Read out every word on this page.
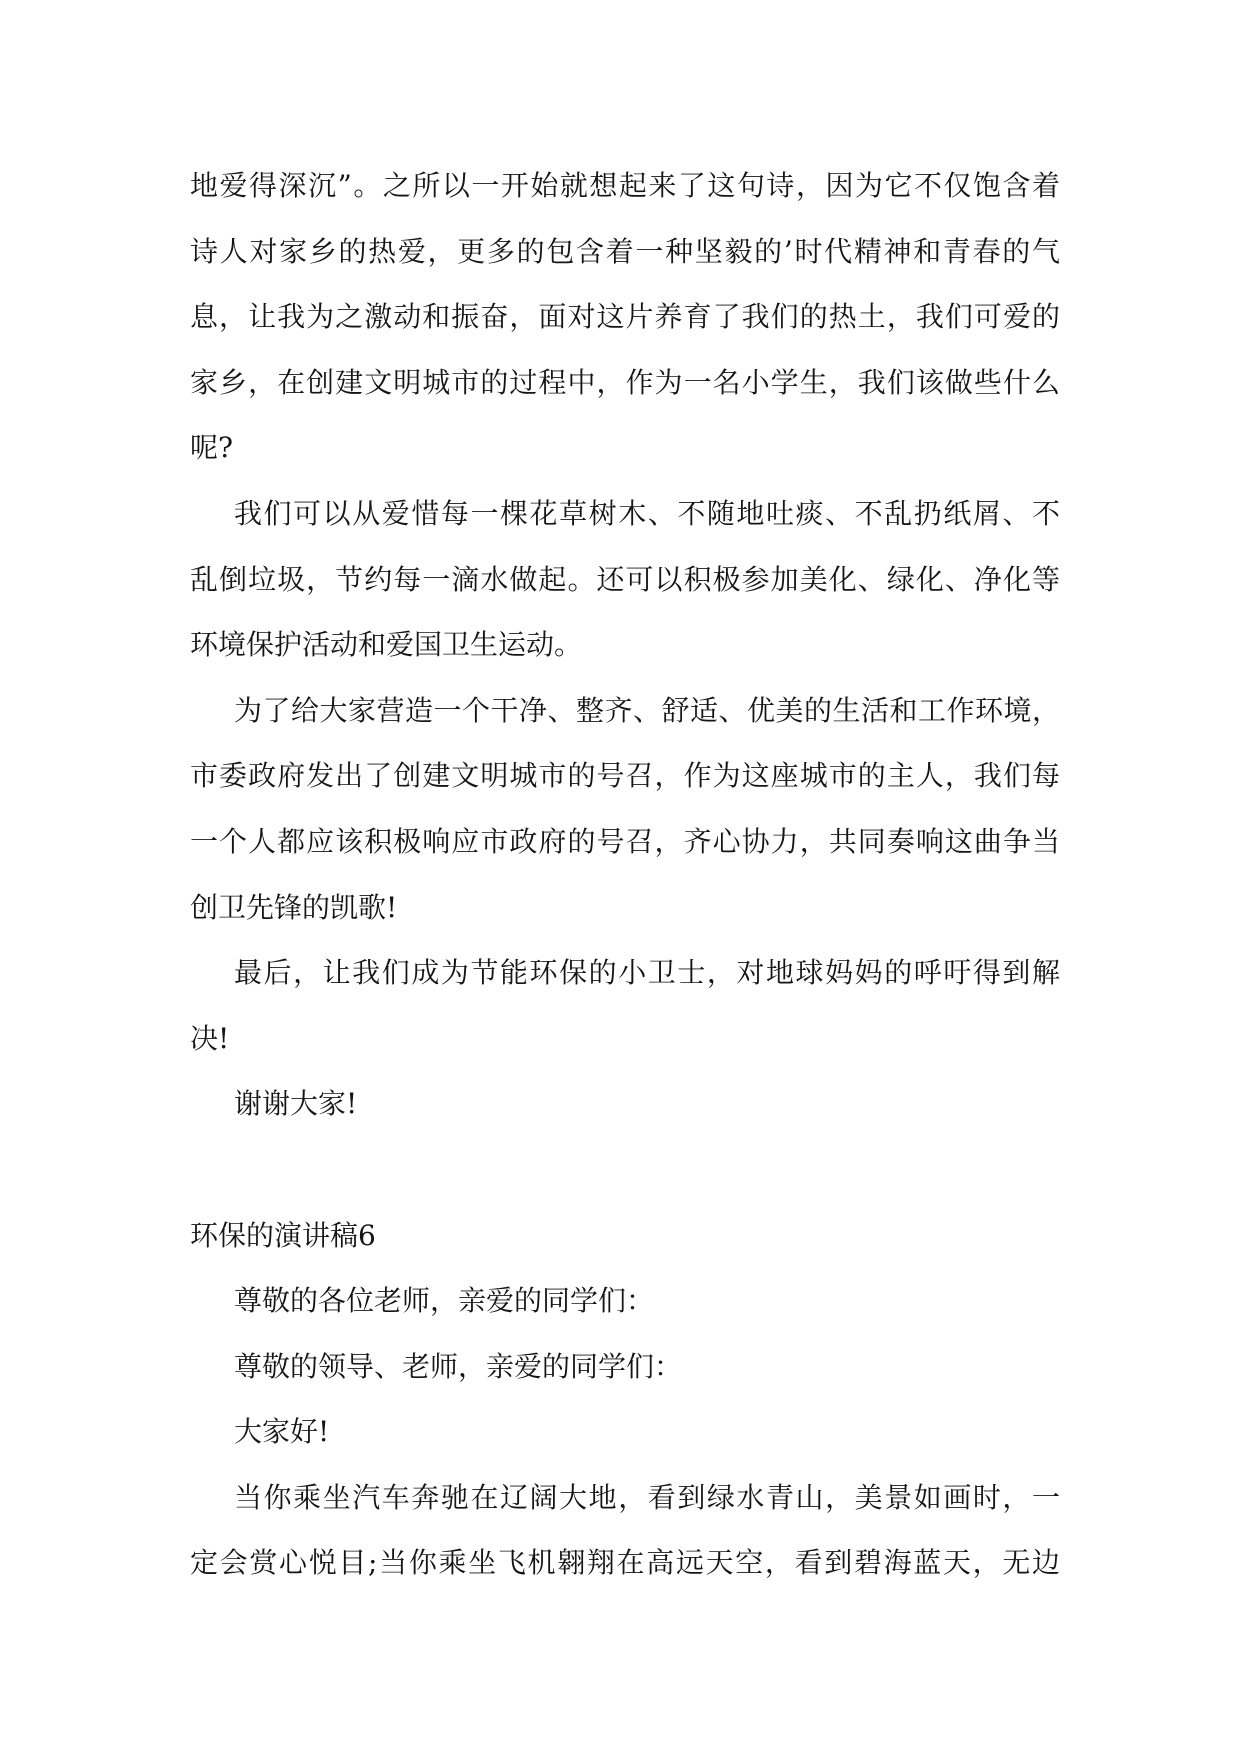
地爱得深沉”。之所以一开始就想起来了这句诗，因为它不仅饱含着
诗人对家乡的热爱，更多的包含着一种坚毅的’时代精神和青春的气
息，让我为之激动和振奋，面对这片养育了我们的热土，我们可爱的
家乡，在创建文明城市的过程中，作为一名小学生，我们该做些什么
呢?
我们可以从爱惜每一棵花草树木、不随地吐痰、不乱扔纸屑、不
乱倒垃圾，节约每一滴水做起。还可以积极参加美化、绿化、净化等
环境保护活动和爱国卫生运动。
为了给大家营造一个干净、整齐、舒适、优美的生活和工作环境，
市委政府发出了创建文明城市的号召，作为这座城市的主人，我们每
一个人都应该积极响应市政府的号召，齐心协力，共同奏响这曲争当
创卫先锋的凯歌!
最后，让我们成为节能环保的小卫士，对地球妈妈的呼吁得到解
决!
谢谢大家!
环保的演讲稿6
尊敬的各位老师，亲爱的同学们：
尊敬的领导、老师，亲爱的同学们：
大家好!
当你乘坐汽车奔驰在辽阔大地，看到绿水青山，美景如画时，一
定会赏心悦目;当你乘坐飞机翱翔在高远天空，看到碧海蓝天，无边
